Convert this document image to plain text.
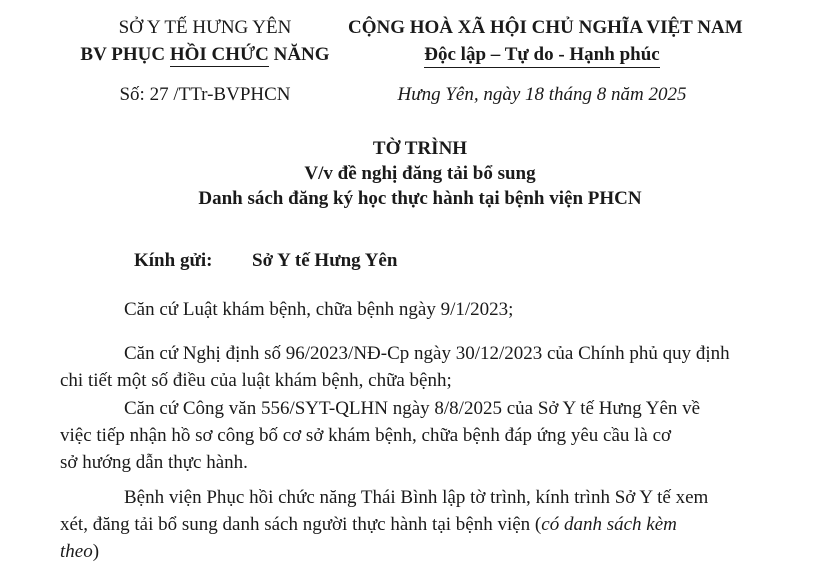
SỞ Y TẾ HƯNG YÊN
BV PHỤC HỒI CHỨC NĂNG
Số: 27 /TTr-BVPHCN
CỘNG HOÀ XÃ HỘI CHỦ NGHĨA VIỆT NAM
Độc lập – Tự do - Hạnh phúc
Hưng Yên, ngày 18 tháng 8 năm 2025
TỜ TRÌNH
V/v đề nghị đăng tải bổ sung
Danh sách đăng ký học thực hành tại bệnh viện PHCN
Kính gửi: Sở Y tế Hưng Yên
Căn cứ Luật khám bệnh, chữa bệnh ngày 9/1/2023;
Căn cứ Nghị định số 96/2023/NĐ-Cp ngày 30/12/2023 của Chính phủ quy định
chi tiết một số điều của luật khám bệnh, chữa bệnh;
Căn cứ Công văn 556/SYT-QLHN ngày 8/8/2025 của Sở Y tế Hưng Yên về
việc tiếp nhận hồ sơ công bố cơ sở khám bệnh, chữa bệnh đáp ứng yêu cầu là cơ
sở hướng dẫn thực hành.
Bệnh viện Phục hồi chức năng Thái Bình lập tờ trình, kính trình Sở Y tế xem
xét, đăng tải bổ sung danh sách người thực hành tại bệnh viện (có danh sách kèm
theo)
